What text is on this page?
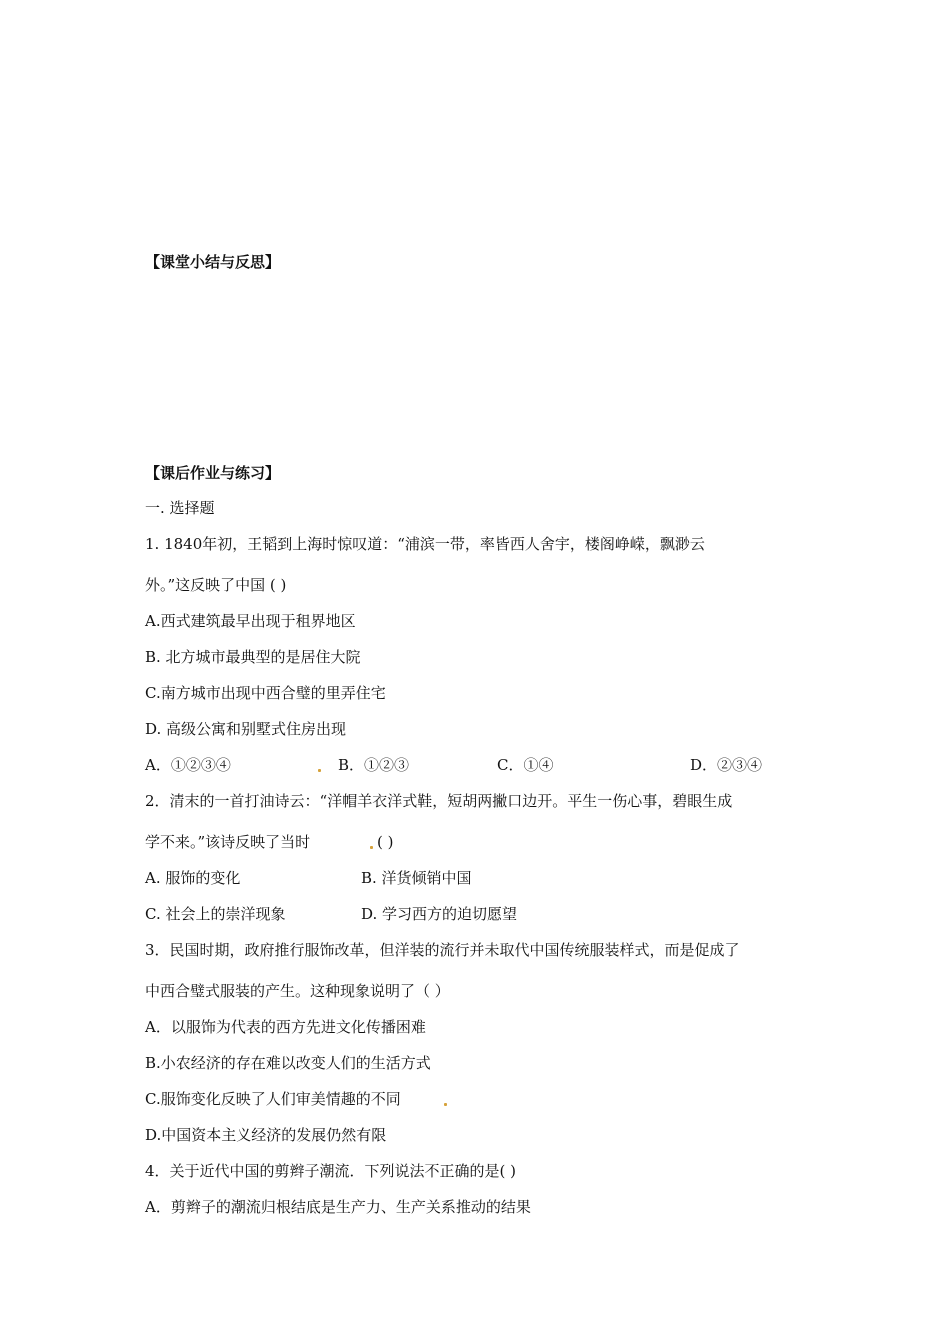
【课堂小结与反思】
【课后作业与练习】
一. 选择题
1. 1840年初，王韬到上海时惊叹道：“浦滨一带，率皆西人舍宇，楼阁峥嵘，飘渺云
外。”这反映了中国 ( )
A.西式建筑最早出现于租界地区
B. 北方城市最典型的是居住大院
C.南方城市出现中西合璧的里弄住宅
D. 高级公寓和别墅式住房出现
A．①②③④	B．①②③	C．①④	D．②③④
2．清末的一首打油诗云：“洋帽羊衣洋式鞋，短胡两撇口边开。平生一伤心事，碧眼生成
学不来。”该诗反映了当时	( )
A. 服饰的变化	B. 洋货倾销中国
C. 社会上的崇洋现象	D. 学习西方的迫切愿望
3．民国时期，政府推行服饰改革，但洋装的流行并未取代中国传统服装样式，而是促成了
中西合璧式服装的产生。这种现象说明了（ ）
A．以服饰为代表的西方先进文化传播困难
B.小农经济的存在难以改变人们的生活方式
C.服饰变化反映了人们审美情趣的不同
D.中国资本主义经济的发展仍然有限
4．关于近代中国的剪辫子潮流．下列说法不正确的是( )
A．剪辫子的潮流归根结底是生产力、生产关系推动的结果
